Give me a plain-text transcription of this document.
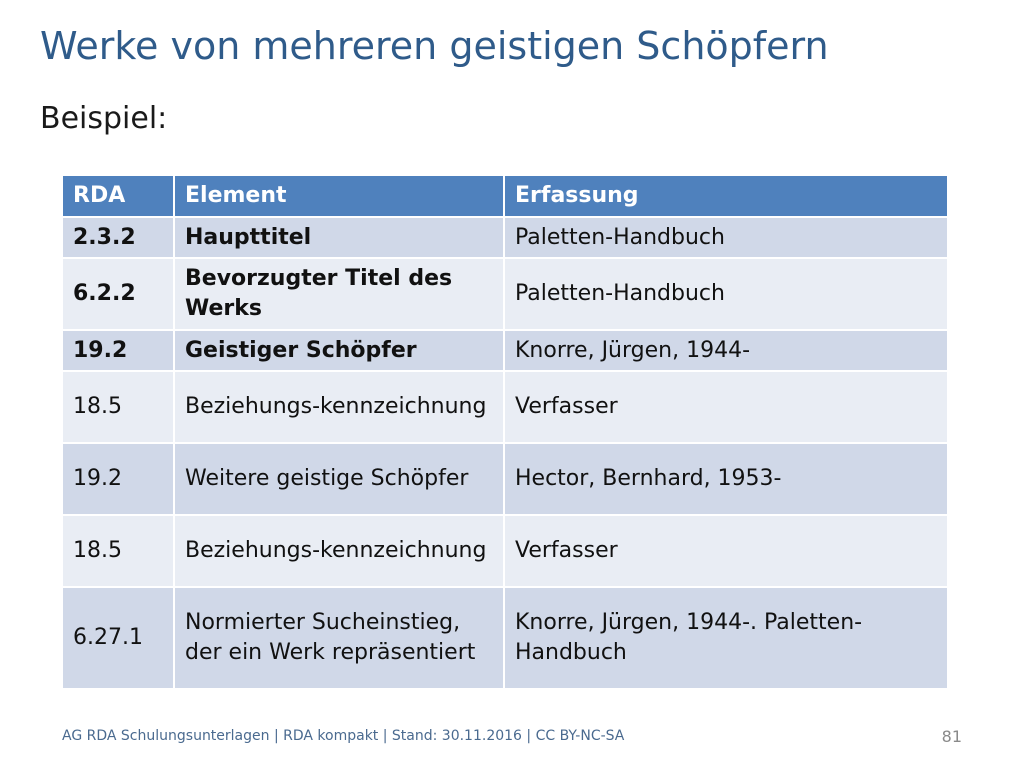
Werke von mehreren geistigen Schöpfern
Beispiel:
RDA	Element	Erfassung
2.3.2	Haupttitel	Paletten-Handbuch
6.2.2	Bevorzugter Titel des Werks	Paletten-Handbuch
19.2	Geistiger Schöpfer	Knorre, Jürgen, 1944-
18.5	Beziehungs-kennzeichnung	Verfasser
19.2	Weitere geistige Schöpfer	Hector, Bernhard, 1953-
18.5	Beziehungs-kennzeichnung	Verfasser
6.27.1	Normierter Sucheinstieg, der ein Werk repräsentiert	Knorre, Jürgen, 1944-. Paletten-Handbuch
AG RDA Schulungsunterlagen | RDA kompakt | Stand: 30.11.2016 | CC BY-NC-SA	81
